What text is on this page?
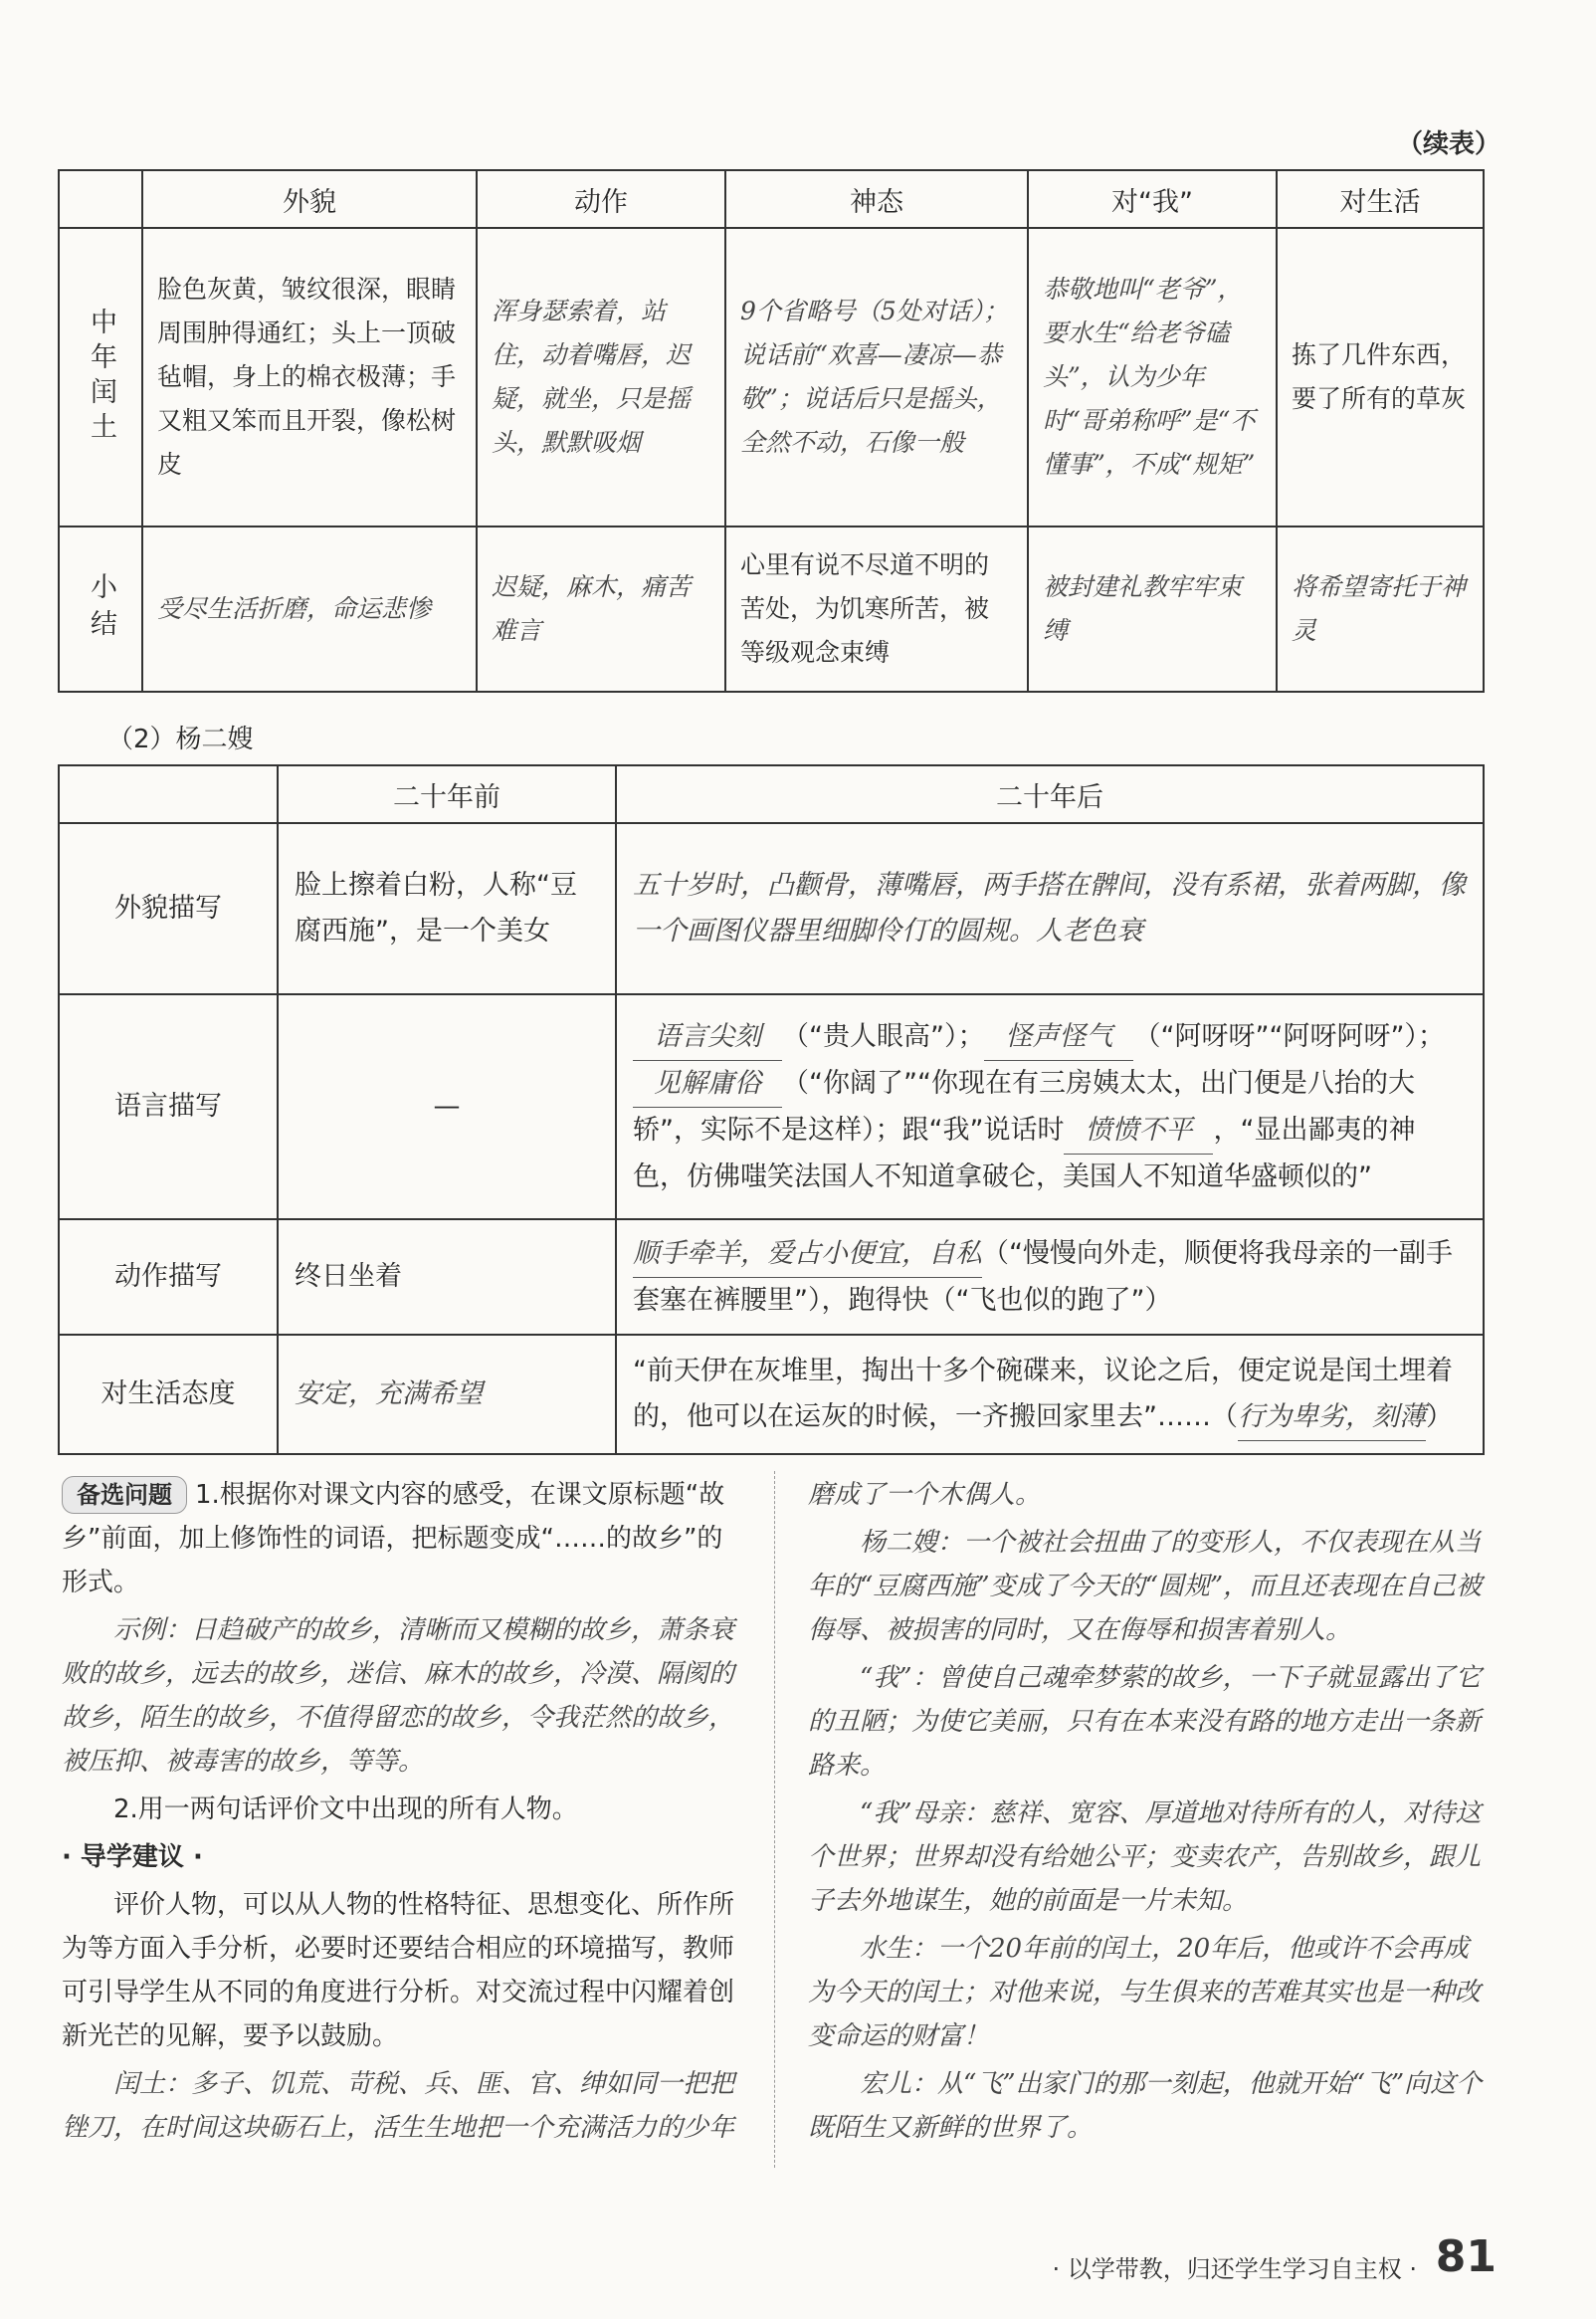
（续表）
	外貌	动作	神态	对“我”	对生活
中年闰土	脸色灰黄，皱纹很深，眼睛周围肿得通红；头上一顶破毡帽，身上的棉衣极薄；手又粗又笨而且开裂，像松树皮	浑身瑟索着，站住，动着嘴唇，迟疑，就坐，只是摇头，默默吸烟	9个省略号（5处对话）；说话前“欢喜—凄凉—恭敬”；说话后只是摇头，全然不动，石像一般	恭敬地叫“老爷”，要水生“给老爷磕头”，认为少年时“哥弟称呼”是“不懂事”，不成“规矩”	拣了几件东西，要了所有的草灰
小结	受尽生活折磨，命运悲惨	迟疑，麻木，痛苦难言	心里有说不尽道不明的苦处，为饥寒所苦，被等级观念束缚	被封建礼教牢牢束缚	将希望寄托于神灵
（2）杨二嫂
	二十年前	二十年后
外貌描写	脸上擦着白粉，人称“豆腐西施”，是一个美女	五十岁时，凸颧骨，薄嘴唇，两手搭在髀间，没有系裙，张着两脚，像一个画图仪器里细脚伶仃的圆规。人老色衰
语言描写	—	语言尖刻 （“贵人眼高”）； 怪声怪气 （“阿呀呀”“阿呀阿呀”）；见解庸俗 （“你阔了”“你现在有三房姨太太，出门便是八抬的大轿”，实际不是这样）；跟“我”说话时 愤愤不平 ，“显出鄙夷的神色，仿佛嗤笑法国人不知道拿破仑，美国人不知道华盛顿似的”
动作描写	终日坐着	顺手牵羊，爱占小便宜，自私（“慢慢向外走，顺便将我母亲的一副手套塞在裤腰里”），跑得快（“飞也似的跑了”）
对生活态度	安定，充满希望	“前天伊在灰堆里，掏出十多个碗碟来，议论之后，便定说是闰土埋着的，他可以在运灰的时候，一齐搬回家里去”……（行为卑劣，刻薄）

备选问题 1.根据你对课文内容的感受，在课文原标题“故乡”前面，加上修饰性的词语，把标题变成“……的故乡”的形式。

示例：日趋破产的故乡，清晰而又模糊的故乡，萧条衰败的故乡，远去的故乡，迷信、麻木的故乡，冷漠、隔阂的故乡，陌生的故乡，不值得留恋的故乡，令我茫然的故乡，被压抑、被毒害的故乡，等等。

2.用一两句话评价文中出现的所有人物。

· 导学建议 ·

评价人物，可以从人物的性格特征、思想变化、所作所为等方面入手分析，必要时还要结合相应的环境描写，教师可引导学生从不同的角度进行分析。对交流过程中闪耀着创新光芒的见解，要予以鼓励。

闰土：多子、饥荒、苛税、兵、匪、官、绅如同一把把锉刀，在时间这块砺石上，活生生地把一个充满活力的少年

磨成了一个木偶人。

杨二嫂：一个被社会扭曲了的变形人，不仅表现在从当年的“豆腐西施”变成了今天的“圆规”，而且还表现在自己被侮辱、被损害的同时，又在侮辱和损害着别人。

“我”：曾使自己魂牵梦萦的故乡，一下子就显露出了它的丑陋；为使它美丽，只有在本来没有路的地方走出一条新路来。

“我”母亲：慈祥、宽容、厚道地对待所有的人，对待这个世界；世界却没有给她公平；变卖农产，告别故乡，跟儿子去外地谋生，她的前面是一片未知。

水生：一个20年前的闰土，20年后，他或许不会再成为今天的闰土；对他来说，与生俱来的苦难其实也是一种改变命运的财富！

宏儿：从“飞”出家门的那一刻起，他就开始“飞”向这个既陌生又新鲜的世界了。

· 以学带教，归还学生学习自主权 · 81
